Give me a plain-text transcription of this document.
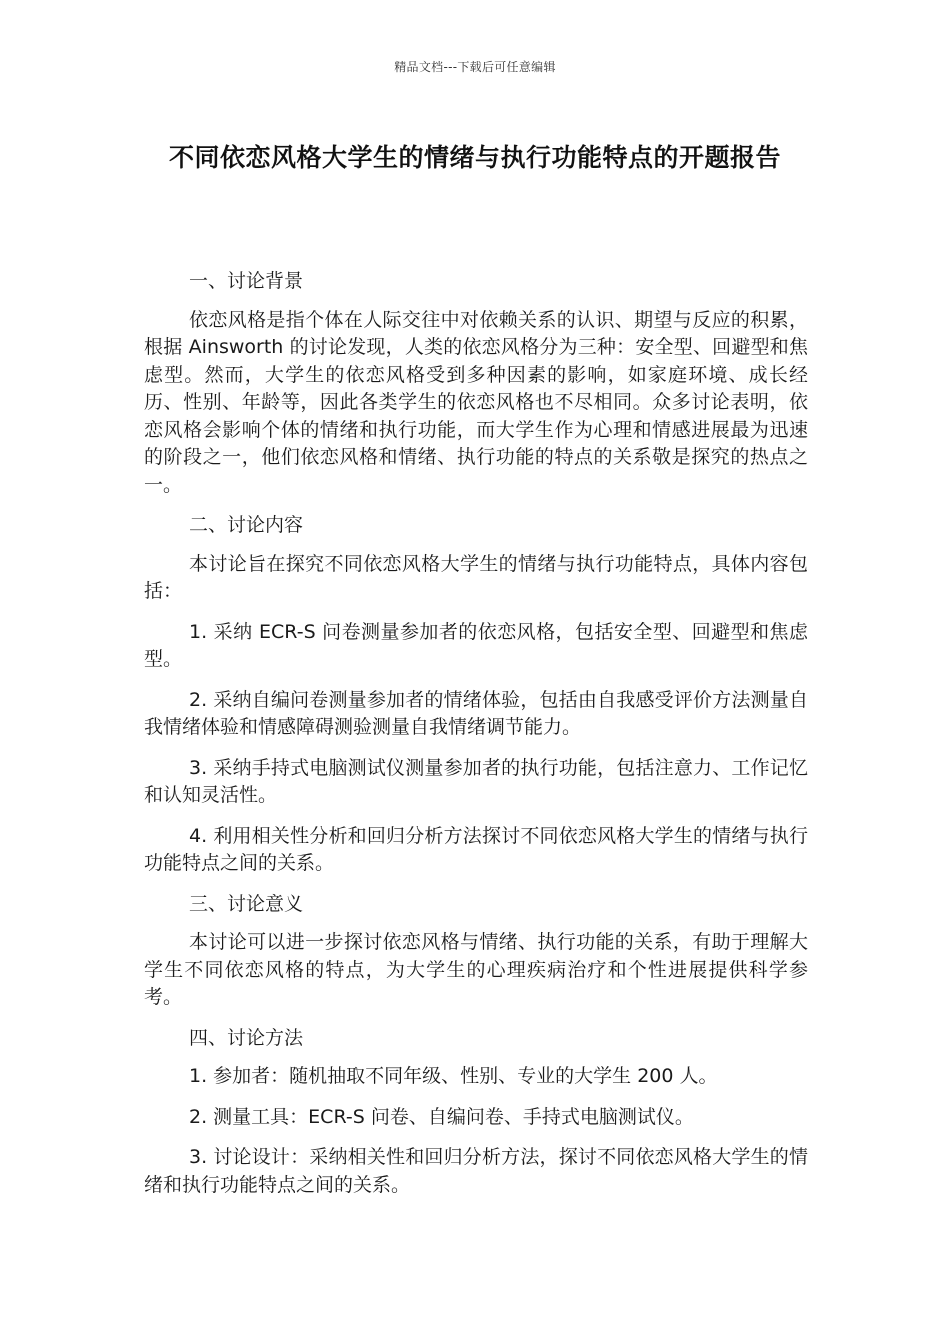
精品文档---下载后可任意编辑
不同依恋风格大学生的情绪与执行功能特点的开题报告

一、讨论背景

依恋风格是指个体在人际交往中对依赖关系的认识、期望与反应的积累，根据 Ainsworth 的讨论发现，人类的依恋风格分为三种：安全型、回避型和焦虑型。然而，大学生的依恋风格受到多种因素的影响，如家庭环境、成长经历、性别、年龄等，因此各类学生的依恋风格也不尽相同。众多讨论表明，依恋风格会影响个体的情绪和执行功能，而大学生作为心理和情感进展最为迅速的阶段之一，他们依恋风格和情绪、执行功能的特点的关系敬是探究的热点之一。

二、讨论内容

本讨论旨在探究不同依恋风格大学生的情绪与执行功能特点，具体内容包括：

1. 采纳 ECR-S 问卷测量参加者的依恋风格，包括安全型、回避型和焦虑型。

2. 采纳自编问卷测量参加者的情绪体验，包括由自我感受评价方法测量自我情绪体验和情感障碍测验测量自我情绪调节能力。

3. 采纳手持式电脑测试仪测量参加者的执行功能，包括注意力、工作记忆和认知灵活性。

4. 利用相关性分析和回归分析方法探讨不同依恋风格大学生的情绪与执行功能特点之间的关系。

三、讨论意义

本讨论可以进一步探讨依恋风格与情绪、执行功能的关系，有助于理解大学生不同依恋风格的特点，为大学生的心理疾病治疗和个性进展提供科学参考。

四、讨论方法

1. 参加者：随机抽取不同年级、性别、专业的大学生 200 人。

2. 测量工具：ECR-S 问卷、自编问卷、手持式电脑测试仪。

3. 讨论设计：采纳相关性和回归分析方法，探讨不同依恋风格大学生的情绪和执行功能特点之间的关系。
